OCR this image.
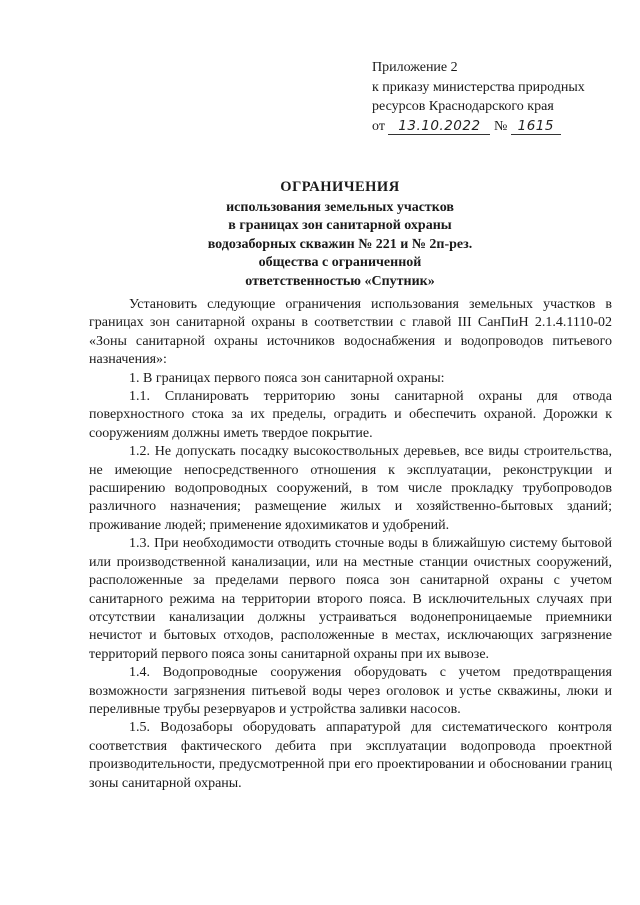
Приложение 2
к приказу министерства природных
ресурсов Краснодарского края
от 13.10.2022 № 1615
ОГРАНИЧЕНИЯ
использования земельных участков
в границах зон санитарной охраны
водозаборных скважин № 221 и № 2п-рез.
общества с ограниченной
ответственностью «Спутник»

Установить следующие ограничения использования земельных участков в границах зон санитарной охраны в соответствии с главой III СанПиН 2.1.4.1110-02 «Зоны санитарной охраны источников водоснабжения и водопроводов питьевого назначения»:

1. В границах первого пояса зон санитарной охраны:

1.1. Спланировать территорию зоны санитарной охраны для отвода поверхностного стока за их пределы, оградить и обеспечить охраной. Дорожки к сооружениям должны иметь твердое покрытие.

1.2. Не допускать посадку высокоствольных деревьев, все виды строительства, не имеющие непосредственного отношения к эксплуатации, реконструкции и расширению водопроводных сооружений, в том числе прокладку трубопроводов различного назначения; размещение жилых и хозяйственно-бытовых зданий; проживание людей; применение ядохимикатов и удобрений.

1.3. При необходимости отводить сточные воды в ближайшую систему бытовой или производственной канализации, или на местные станции очистных сооружений, расположенные за пределами первого пояса зон санитарной охраны с учетом санитарного режима на территории второго пояса. В исключительных случаях при отсутствии канализации должны устраиваться водонепроницаемые приемники нечистот и бытовых отходов, расположенные в местах, исключающих загрязнение территорий первого пояса зоны санитарной охраны при их вывозе.

1.4. Водопроводные сооружения оборудовать с учетом предотвращения возможности загрязнения питьевой воды через оголовок и устье скважины, люки и переливные трубы резервуаров и устройства заливки насосов.

1.5. Водозаборы оборудовать аппаратурой для систематического контроля соответствия фактического дебита при эксплуатации водопровода проектной производительности, предусмотренной при его проектировании и обосновании границ зоны санитарной охраны.
